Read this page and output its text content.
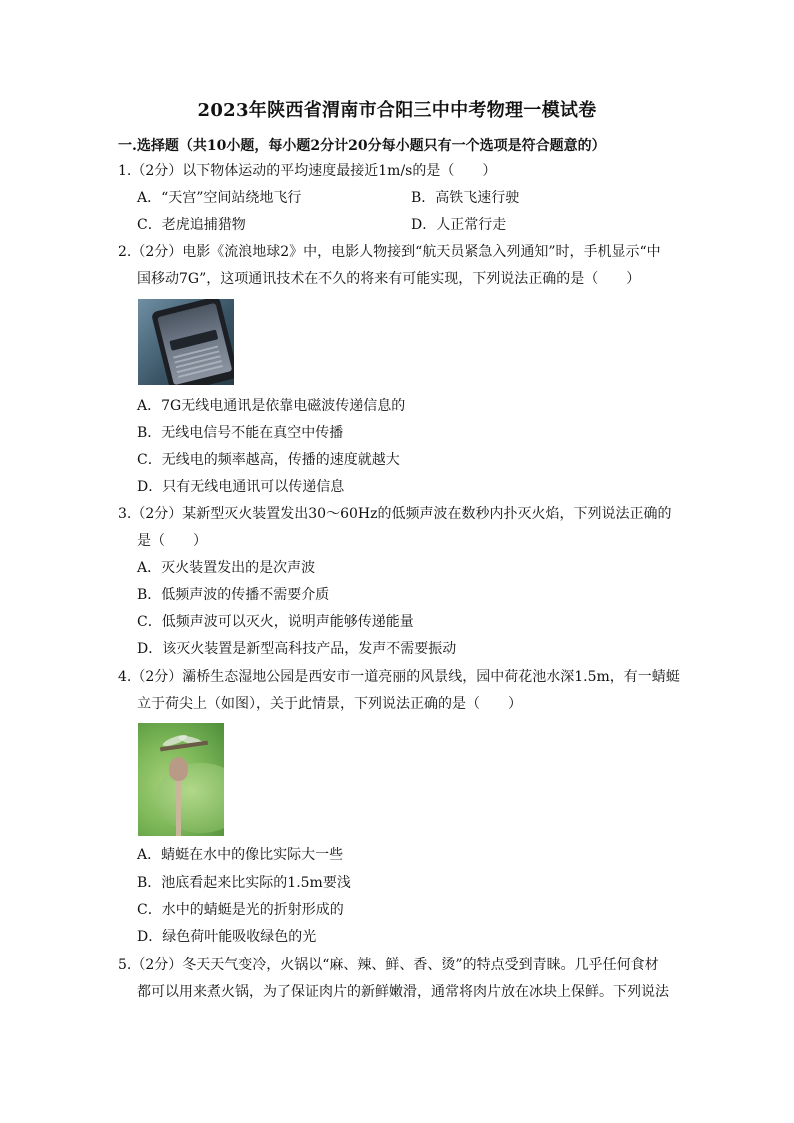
2023年陕西省渭南市合阳三中中考物理一模试卷
一.选择题（共10小题，每小题2分计20分每小题只有一个选项是符合题意的）
1.（2分）以下物体运动的平均速度最接近1m/s的是（　　）
A．“天宫”空间站绕地飞行	B．高铁飞速行驶
C．老虎追捕猎物	D．人正常行走
2.（2分）电影《流浪地球2》中，电影人物接到“航天员紧急入列通知”时，手机显示“中
国移动7G”，这项通讯技术在不久的将来有可能实现，下列说法正确的是（　　）
A．7G无线电通讯是依靠电磁波传递信息的
B．无线电信号不能在真空中传播
C．无线电的频率越高，传播的速度就越大
D．只有无线电通讯可以传递信息
3.（2分）某新型灭火装置发出30～60Hz的低频声波在数秒内扑灭火焰，下列说法正确的
是（　　）
A．灭火装置发出的是次声波
B．低频声波的传播不需要介质
C．低频声波可以灭火，说明声能够传递能量
D．该灭火装置是新型高科技产品，发声不需要振动
4.（2分）灞桥生态湿地公园是西安市一道亮丽的风景线，园中荷花池水深1.5m，有一蜻蜓
立于荷尖上（如图），关于此情景，下列说法正确的是（　　）
A．蜻蜓在水中的像比实际大一些
B．池底看起来比实际的1.5m要浅
C．水中的蜻蜓是光的折射形成的
D．绿色荷叶能吸收绿色的光
5.（2分）冬天天气变冷，火锅以“麻、辣、鲜、香、烫”的特点受到青睐。几乎任何食材
都可以用来煮火锅，为了保证肉片的新鲜嫩滑，通常将肉片放在冰块上保鲜。下列说法
